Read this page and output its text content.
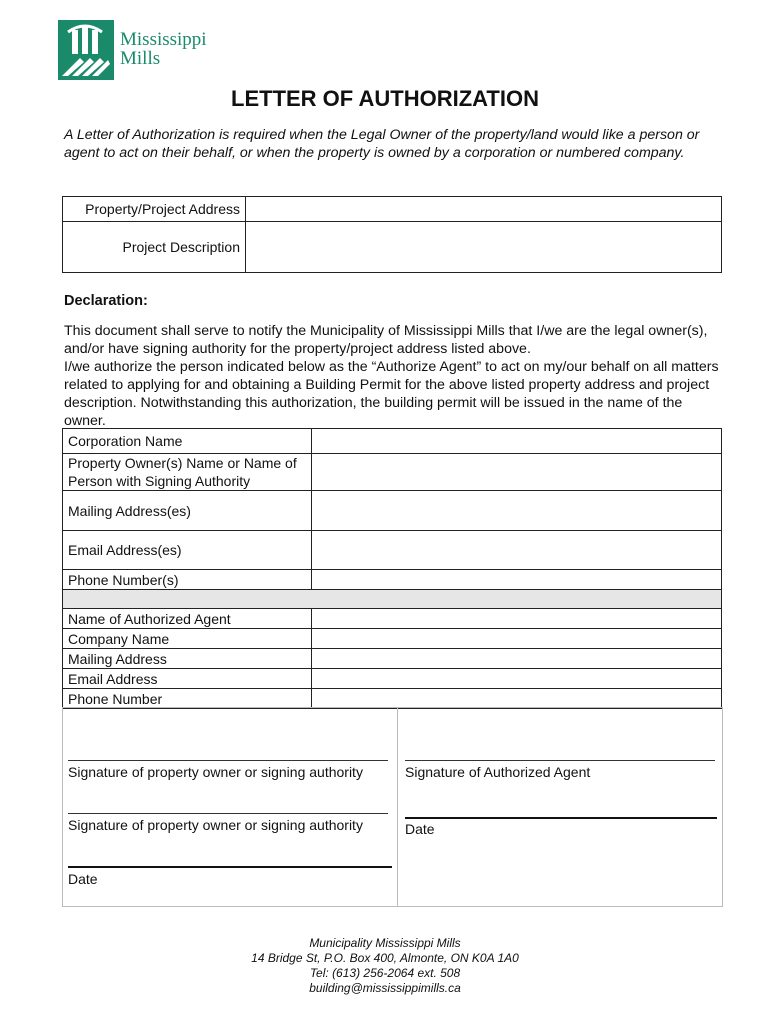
Mississippi
Mills
LETTER OF AUTHORIZATION
A Letter of Authorization is required when the Legal Owner of the property/land would like a person or agent to act on their behalf, or when the property is owned by a corporation or numbered company.
Property/Project Address	
Project Description	
Declaration:
This document shall serve to notify the Municipality of Mississippi Mills that I/we are the legal owner(s), and/or have signing authority for the property/project address listed above.
I/we authorize the person indicated below as the “Authorize Agent” to act on my/our behalf on all matters related to applying for and obtaining a Building Permit for the above listed property address and project description. Notwithstanding this authorization, the building permit will be issued in the name of the owner.
Corporation Name	
Property Owner(s) Name or Name of Person with Signing Authority	
Mailing Address(es)	
Email Address(es)	
Phone Number(s)	

Name of Authorized Agent	
Company Name	
Mailing Address	
Email Address	
Phone Number	
Signature of property owner or signing authority
Signature of property owner or signing authority
Date
Signature of Authorized Agent
Date
Municipality Mississippi Mills
14 Bridge St, P.O. Box 400, Almonte, ON K0A 1A0
Tel: (613) 256-2064 ext. 508
building@mississippimills.ca
